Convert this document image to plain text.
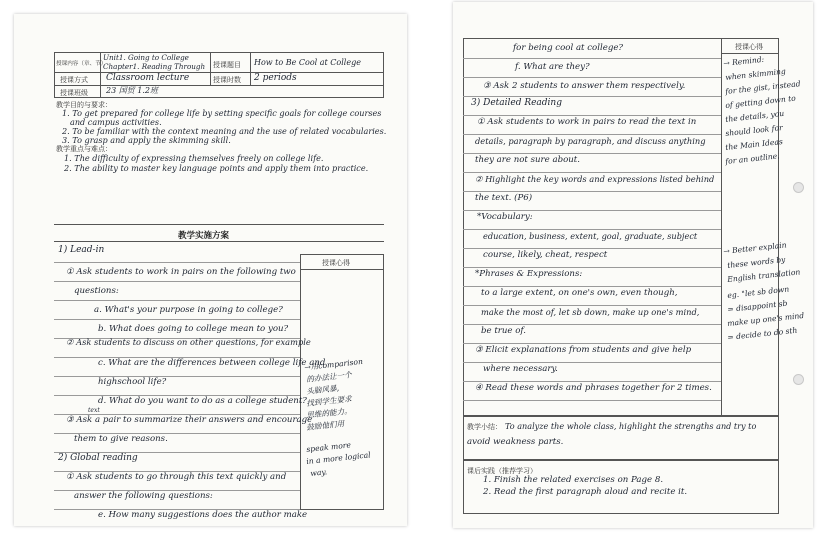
授课内容（章、节）
Unit1. Going to College
Chapter1. Reading Through 授课题目 How to Be Cool at College
授课方式 Classroom lecture	授课时数 2 periods
授课班级 23 国贸 1.2班
教学目的与要求：
1. To get prepared for college life by setting specific goals for college courses
and campus activities.
2. To be familiar with the context meaning and the use of related vocabularies.
3. To grasp and apply the skimming skill.
教学重点与难点：
1. The difficulty of expressing themselves freely on college life.
2. The ability to master key language points and apply them into practice.
教学实施方案
授课心得
1) Lead-in
① Ask students to work in pairs on the following two
questions:
a. What's your purpose in going to college?
b. What does going to college mean to you?
② Ask students to discuss on other questions, for example
c. What are the differences between college life and
highschool life?
d. What do you want to do as a college student?
text
③ Ask a pair to summarize their answers and encourage
them to give reasons.
2) Global reading
① Ask students to go through this text quickly and
answer the following questions:
e. How many suggestions does the author make
→用comparison
的办法让一个
头脑风暴,
找到学生要求
思维的能力。
鼓励他们用
speak more
in a more logical
way.
授课心得
for being cool at college?
f. What are they?
③ Ask 2 students to answer them respectively.
3) Detailed Reading
① Ask students to work in pairs to read the text in
details, paragraph by paragraph, and discuss anything
they are not sure about.
② Highlight the key words and expressions listed behind
the text. (P6)
*Vocabulary:
education, business, extent, goal, graduate, subject
course, likely, cheat, respect
*Phrases & Expressions:
to a large extent, on one's own, even though,
make the most of, let sb down, make up one's mind,
be true of.
③ Elicit explanations from students and give help
where necessary.
④ Read these words and phrases together for 2 times.
→ Remind:
when skimming
for the gist, instead
of getting down to
the details, you
should look for
the Main Ideas
for an outline.
→ Better explain
these words by
English translation
eg. "let sb down
= disappoint sb
make up one's mind
= decide to do sth
教学小结： To analyze the whole class, highlight the strengths and try to
avoid weakness parts.
课后实践（推荐学习）
1. Finish the related exercises on Page 8.
2. Read the first paragraph aloud and recite it.
